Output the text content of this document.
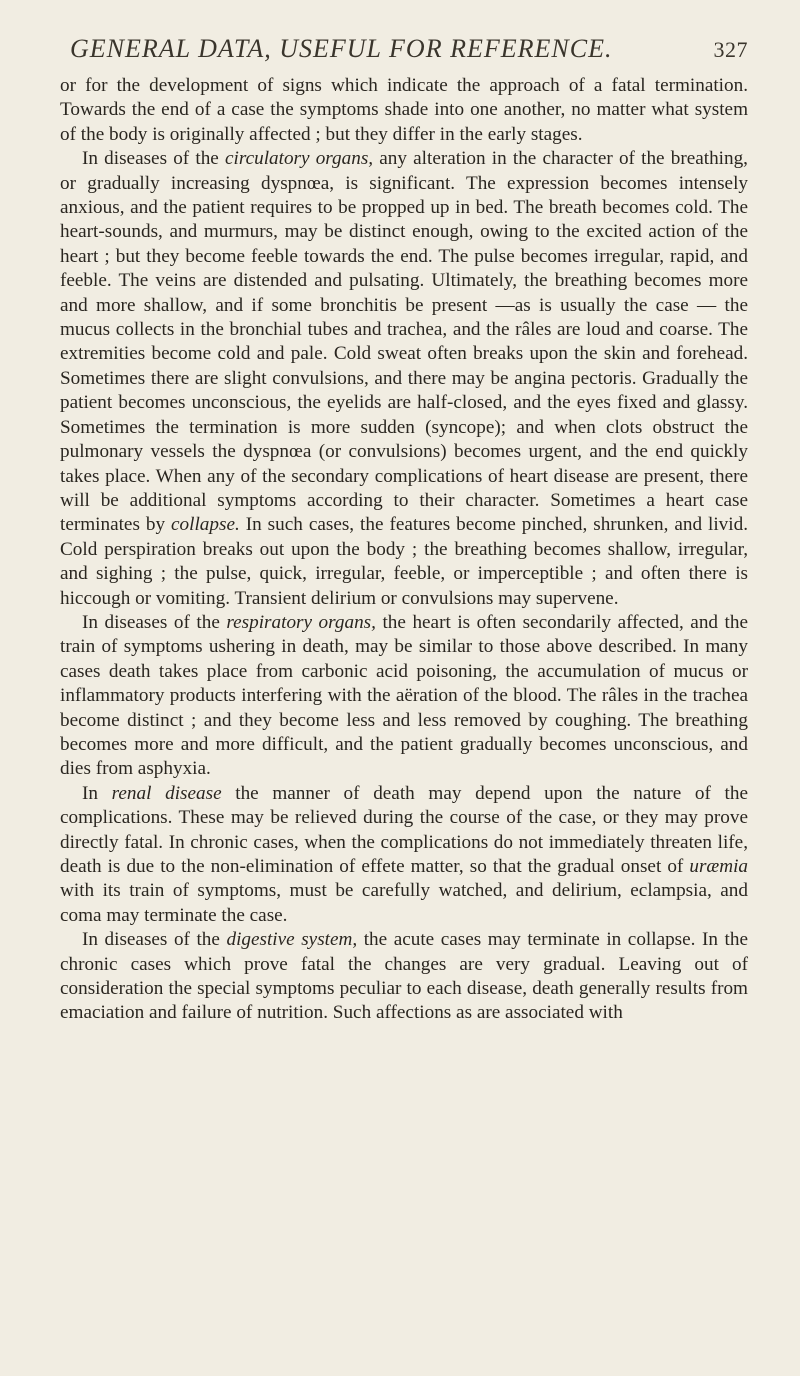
GENERAL DATA, USEFUL FOR REFERENCE.	327

or for the development of signs which indicate the approach of a fatal termination. Towards the end of a case the symptoms shade into one another, no matter what system of the body is originally affected ; but they differ in the early stages.

In diseases of the circulatory organs, any alteration in the character of the breathing, or gradually increasing dyspnœa, is significant. The expression becomes intensely anxious, and the patient requires to be propped up in bed. The breath becomes cold. The heart-sounds, and murmurs, may be distinct enough, owing to the excited action of the heart ; but they become feeble towards the end. The pulse becomes irregular, rapid, and feeble. The veins are distended and pulsating. Ultimately, the breathing becomes more and more shallow, and if some bronchitis be present —as is usually the case — the mucus collects in the bronchial tubes and trachea, and the râles are loud and coarse. The extremities become cold and pale. Cold sweat often breaks upon the skin and forehead. Sometimes there are slight convulsions, and there may be angina pectoris. Gradually the patient becomes unconscious, the eyelids are half-closed, and the eyes fixed and glassy. Sometimes the termination is more sudden (syncope); and when clots obstruct the pulmonary vessels the dyspnœa (or convulsions) becomes urgent, and the end quickly takes place. When any of the secondary complications of heart disease are present, there will be additional symptoms according to their character. Sometimes a heart case terminates by collapse. In such cases, the features become pinched, shrunken, and livid. Cold perspiration breaks out upon the body ; the breathing becomes shallow, irregular, and sighing ; the pulse, quick, irregular, feeble, or imperceptible ; and often there is hiccough or vomiting. Transient delirium or convulsions may supervene.

In diseases of the respiratory organs, the heart is often secondarily affected, and the train of symptoms ushering in death, may be similar to those above described. In many cases death takes place from carbonic acid poisoning, the accumulation of mucus or inflammatory products interfering with the aëration of the blood. The râles in the trachea become distinct ; and they become less and less removed by coughing. The breathing becomes more and more difficult, and the patient gradually becomes unconscious, and dies from asphyxia.

In renal disease the manner of death may depend upon the nature of the complications. These may be relieved during the course of the case, or they may prove directly fatal. In chronic cases, when the complications do not immediately threaten life, death is due to the non-elimination of effete matter, so that the gradual onset of uræmia with its train of symptoms, must be carefully watched, and delirium, eclampsia, and coma may terminate the case.

In diseases of the digestive system, the acute cases may terminate in collapse. In the chronic cases which prove fatal the changes are very gradual. Leaving out of consideration the special symptoms peculiar to each disease, death generally results from emaciation and failure of nutrition. Such affections as are associated with
